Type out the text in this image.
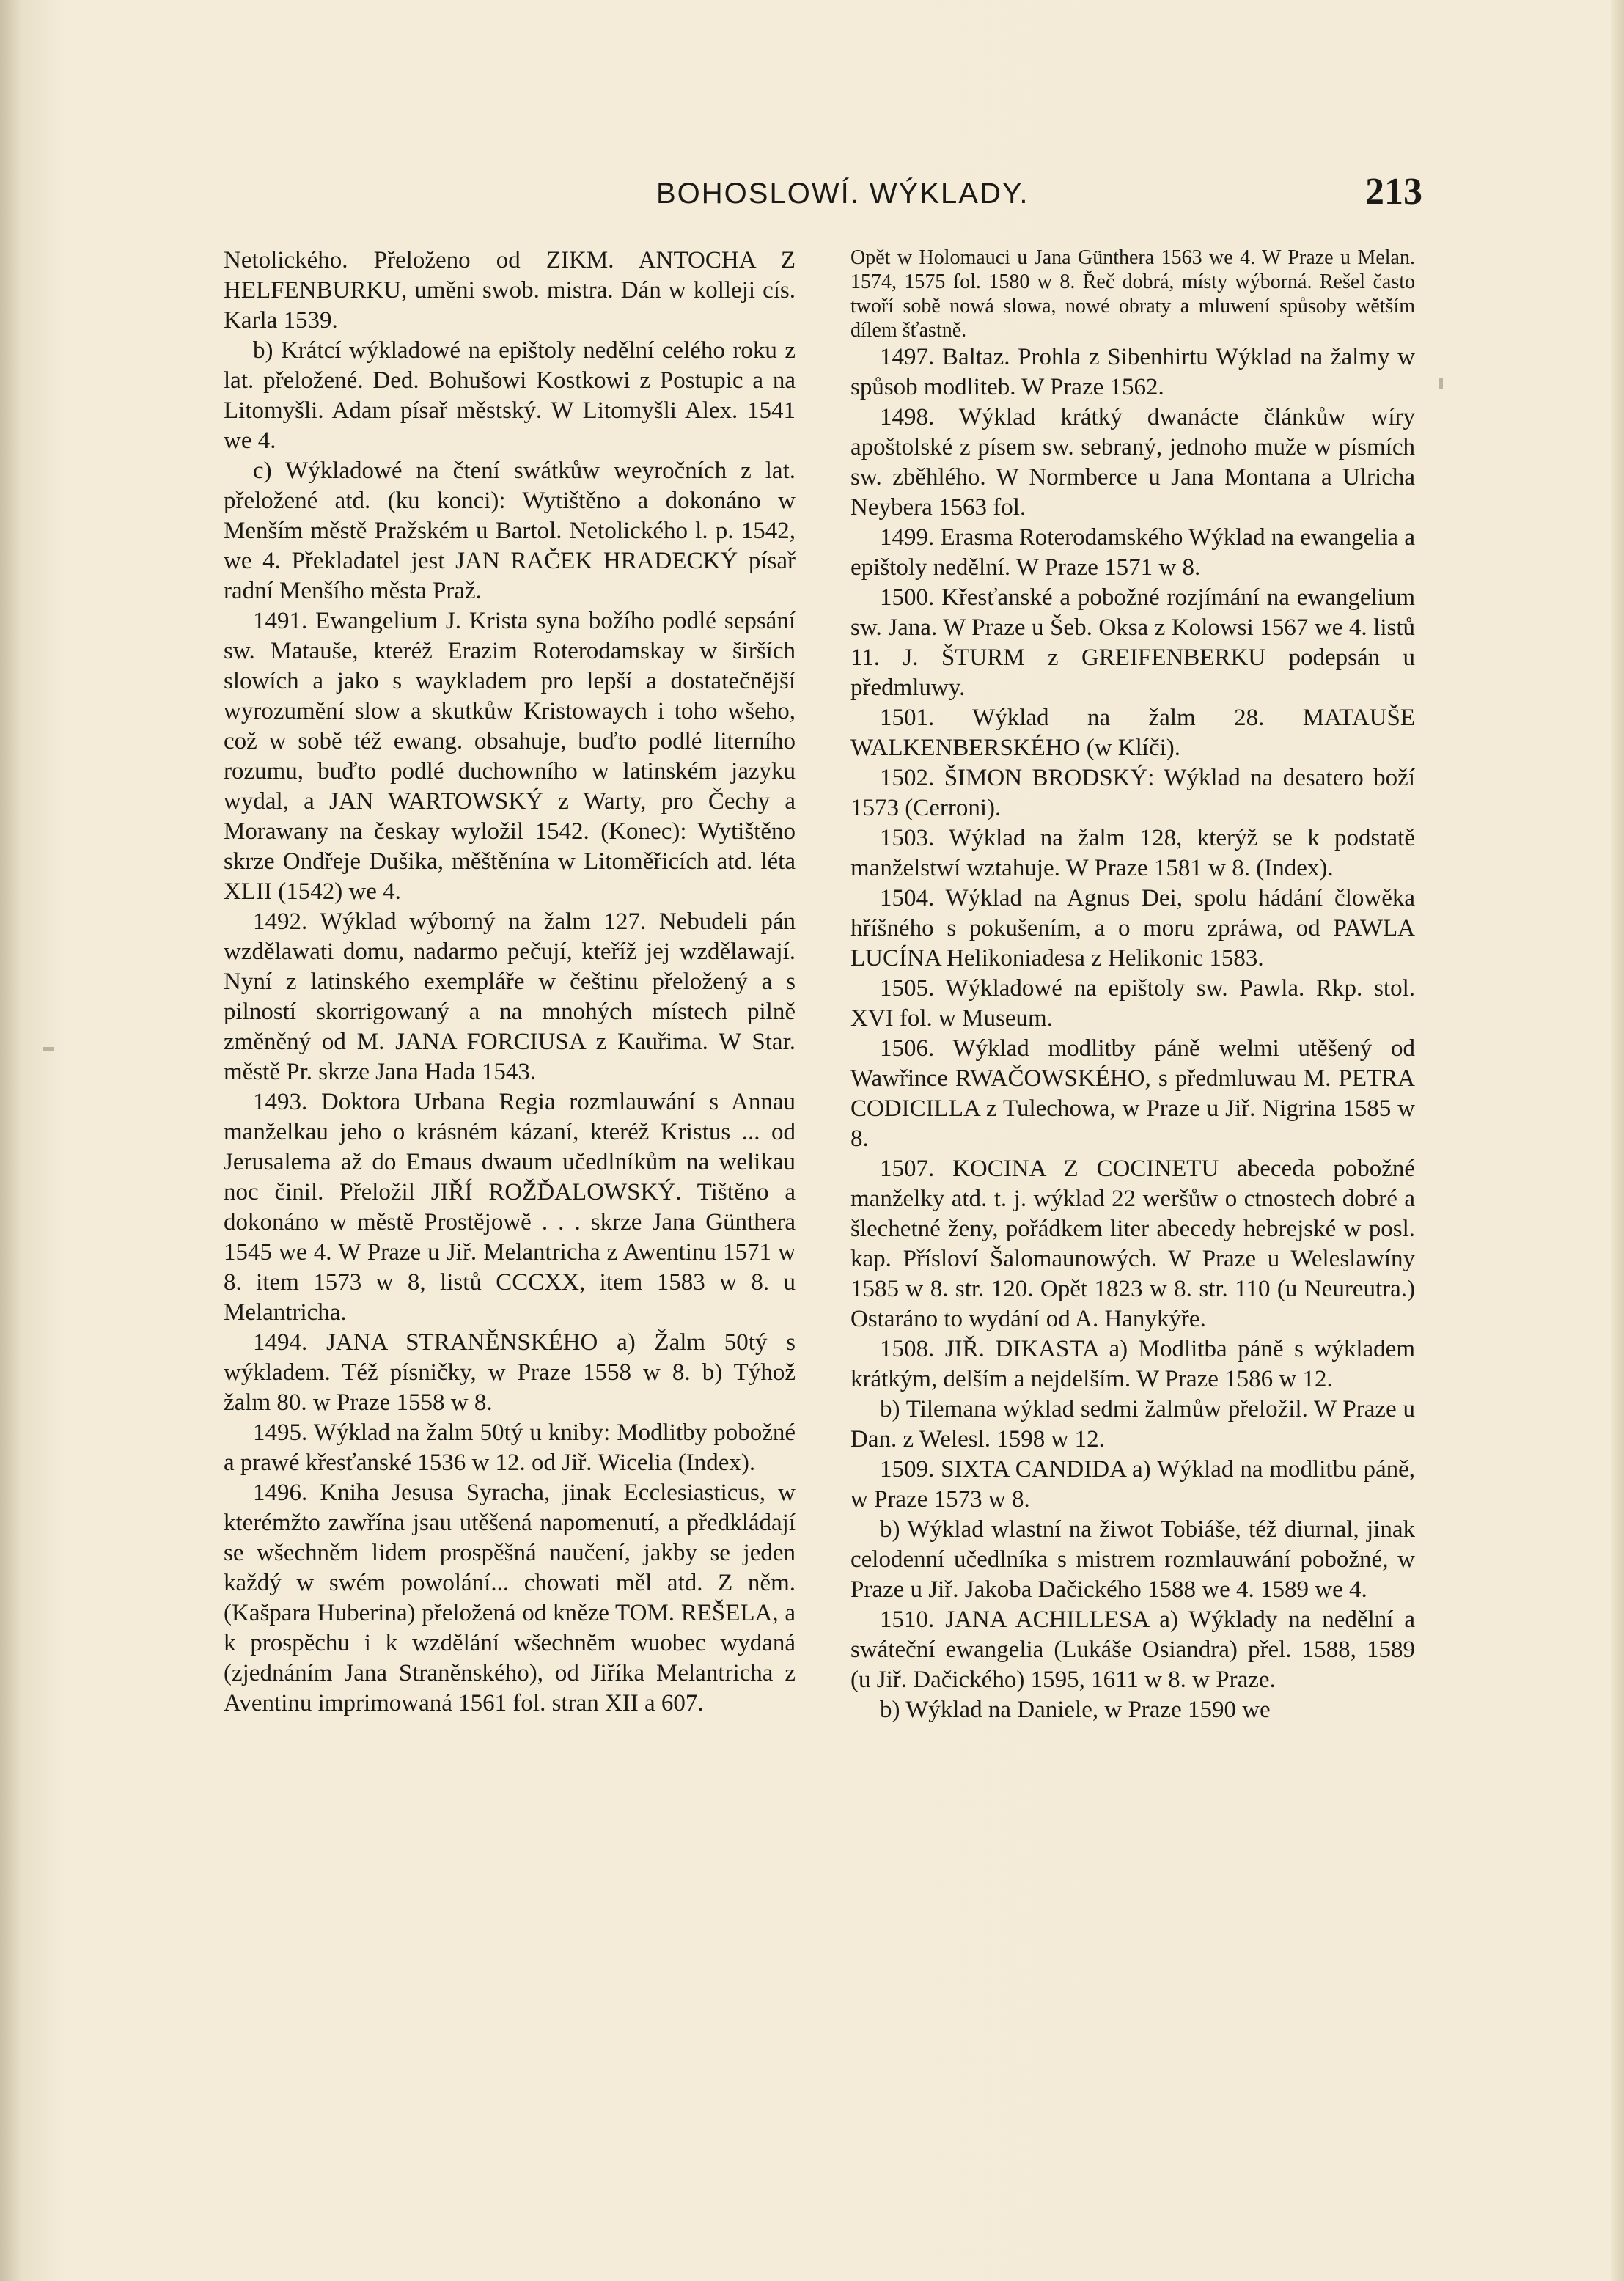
BOHOSLOWÍ. WÝKLADY.	213

Netolického. Přeloženo od ZIKM. ANTOCHA Z HELFENBURKU, uměni swob. mistra. Dán w kolleji cís. Karla 1539.

b) Krátcí wýkladowé na epištoly nedělní celého roku z lat. přeložené. Ded. Bohušowi Kostkowi z Postupic a na Litomyšli. Adam písař městský. W Litomyšli Alex. 1541 we 4.

c) Wýkladowé na čtení swátkůw weyročních z lat. přeložené atd. (ku konci): Wytištěno a dokonáno w Menším městě Pražském u Bartol. Netolického l. p. 1542, we 4. Překladatel jest JAN RAČEK HRADECKÝ písař radní Menšího města Praž.

1491. Ewangelium J. Krista syna božího podlé sepsání sw. Mataušе, kteréž Erazim Roterodamskay w širších slowích a jako s waykladem pro lepší a dostatečnější wyrozumění slow a skutkůw Kristowaych i toho wšeho, což w sobě též ewang. obsahuje, buďto podlé literního rozumu, buďto podlé duchowního w latinském jazyku wydal, a JAN WARTOWSKÝ z Warty, pro Čechy a Morawany na českay wyložil 1542. (Konec): Wytištěno skrze Ondřeje Dušika, měštěnína w Litoměřicích atd. léta XLII (1542) we 4.

1492. Wýklad wýborný na žalm 127. Nebudeli pán wzdělawati domu, nadarmo pečují, kteříž jej wzdělawají. Nyní z latinského exempláře w češtinu přeložený a s pilností skorrigowaný a na mnohých místech pilně změněný od M. JANA FORCIUSA z Kauřima. W Star. městě Pr. skrze Jana Hada 1543.

1493. Doktora Urbana Regia rozmlauwání s Annau manželkau jeho o krásném kázaní, kteréž Kristus ... od Jerusalema až do Emaus dwaum učedlníkům na welikau noc činil. Přeložil JIŘÍ ROŽĎALOWSKÝ. Tištěno a dokonáno w městě Prostějowě . . . skrze Jana Günthera 1545 we 4. W Praze u Jiř. Melantricha z Awentinu 1571 w 8. item 1573 w 8, listů CCCXX, item 1583 w 8. u Melantricha.

1494. JANA STRANĚNSKÉHO a) Žalm 50tý s wýkladem. Též písničky, w Praze 1558 w 8. b) Týhož žalm 80. w Praze 1558 w 8.

1495. Wýklad na žalm 50tý u kniby: Modlitby pobožné a prawé křesťanské 1536 w 12. od Jiř. Wicelia (Index).

1496. Kniha Jesusa Syracha, jinak Ecclesiasticus, w kterémžto zawřína jsau utěšená napomenutí, a předkládají se wšechněm lidem prospěšná naučení, jakby se jeden každý w swém powolání... chowati měl atd. Z něm. (Kašpara Huberina) přeložená od kněze TOM. REŠELA, a k prospěchu i k wzdělání wšechněm wuobec wydaná (zjednáním Jana Straněnského), od Jiříka Melantricha z Aventinu imprimowaná 1561 fol. stran XII a 607.

Opět w Holomauci u Jana Günthera 1563 we 4. W Praze u Melan. 1574, 1575 fol. 1580 w 8. Řeč dobrá, místy wýborná. Rešel často twoří sobě nowá slowa, nowé obraty a mluwení spůsoby wětším dílem šťastně.

1497. Baltaz. Prohla z Sibenhirtu Wýklad na žalmy w spůsob modliteb. W Praze 1562.

1498. Wýklad krátký dwanácte článkůw wíry apoštolské z písem sw. sebraný, jednoho muže w písmích sw. zběhlého. W Normberce u Jana Montana a Ulricha Neybera 1563 fol.

1499. Erasma Roterodamského Wýklad na ewangelia a epištoly nedělní. W Praze 1571 w 8.

1500. Křesťanské a pobožné rozjímání na ewangelium sw. Jana. W Praze u Šeb. Oksa z Kolowsi 1567 we 4. listů 11. J. ŠTURM z GREIFENBERKU podepsán u předmluwy.

1501. Wýklad na žalm 28. MATAUŠE WALKENBERSKÉHO (w Klíči).

1502. ŠIMON BRODSKÝ: Wýklad na desatero boží 1573 (Cerroni).

1503. Wýklad na žalm 128, kterýž se k podstatě manželstwí wztahuje. W Praze 1581 w 8. (Index).

1504. Wýklad na Agnus Dei, spolu hádání člowěka hříšného s pokušením, a o moru zpráwa, od PAWLA LUCÍNA Helikoniadesa z Helikonic 1583.

1505. Wýkladowé na epištoly sw. Pawla. Rkp. stol. XVI fol. w Museum.

1506. Wýklad modlitby páně welmi utěšený od Wawřince RWAČOWSKÉHO, s předmluwau M. PETRA CODICILLA z Tulechowa, w Praze u Jiř. Nigrina 1585 w 8.

1507. KOCINA Z COCINETU abeceda pobožné manželky atd. t. j. wýklad 22 weršůw o ctnostech dobré a šlechetné ženy, pořádkem liter abecedy hebrejské w posl. kap. Přísloví Šalomaunowých. W Praze u Weleslawíny 1585 w 8. str. 120. Opět 1823 w 8. str. 110 (u Neureutra.) Ostaráno to wydání od A. Hanykýře.

1508. JIŘ. DIKASTA a) Modlitba páně s wýkladem krátkým, delším a nejdelším. W Praze 1586 w 12.

b) Tilemana wýklad sedmi žalmůw přeložil. W Praze u Dan. z Welesl. 1598 w 12.

1509. SIXTA CANDIDA a) Wýklad na modlitbu páně, w Praze 1573 w 8.

b) Wýklad wlastní na žiwot Tobiáše, též diurnal, jinak celodenní učedlníka s mistrem rozmlauwání pobožné, w Praze u Jiř. Jakoba Dačického 1588 we 4. 1589 we 4.

1510. JANA ACHILLESA a) Wýklady na nedělní a swáteční ewangelia (Lukáše Osiandra) přel. 1588, 1589 (u Jiř. Dačického) 1595, 1611 w 8. w Praze.

b) Wýklad na Daniele, w Praze 1590 we
